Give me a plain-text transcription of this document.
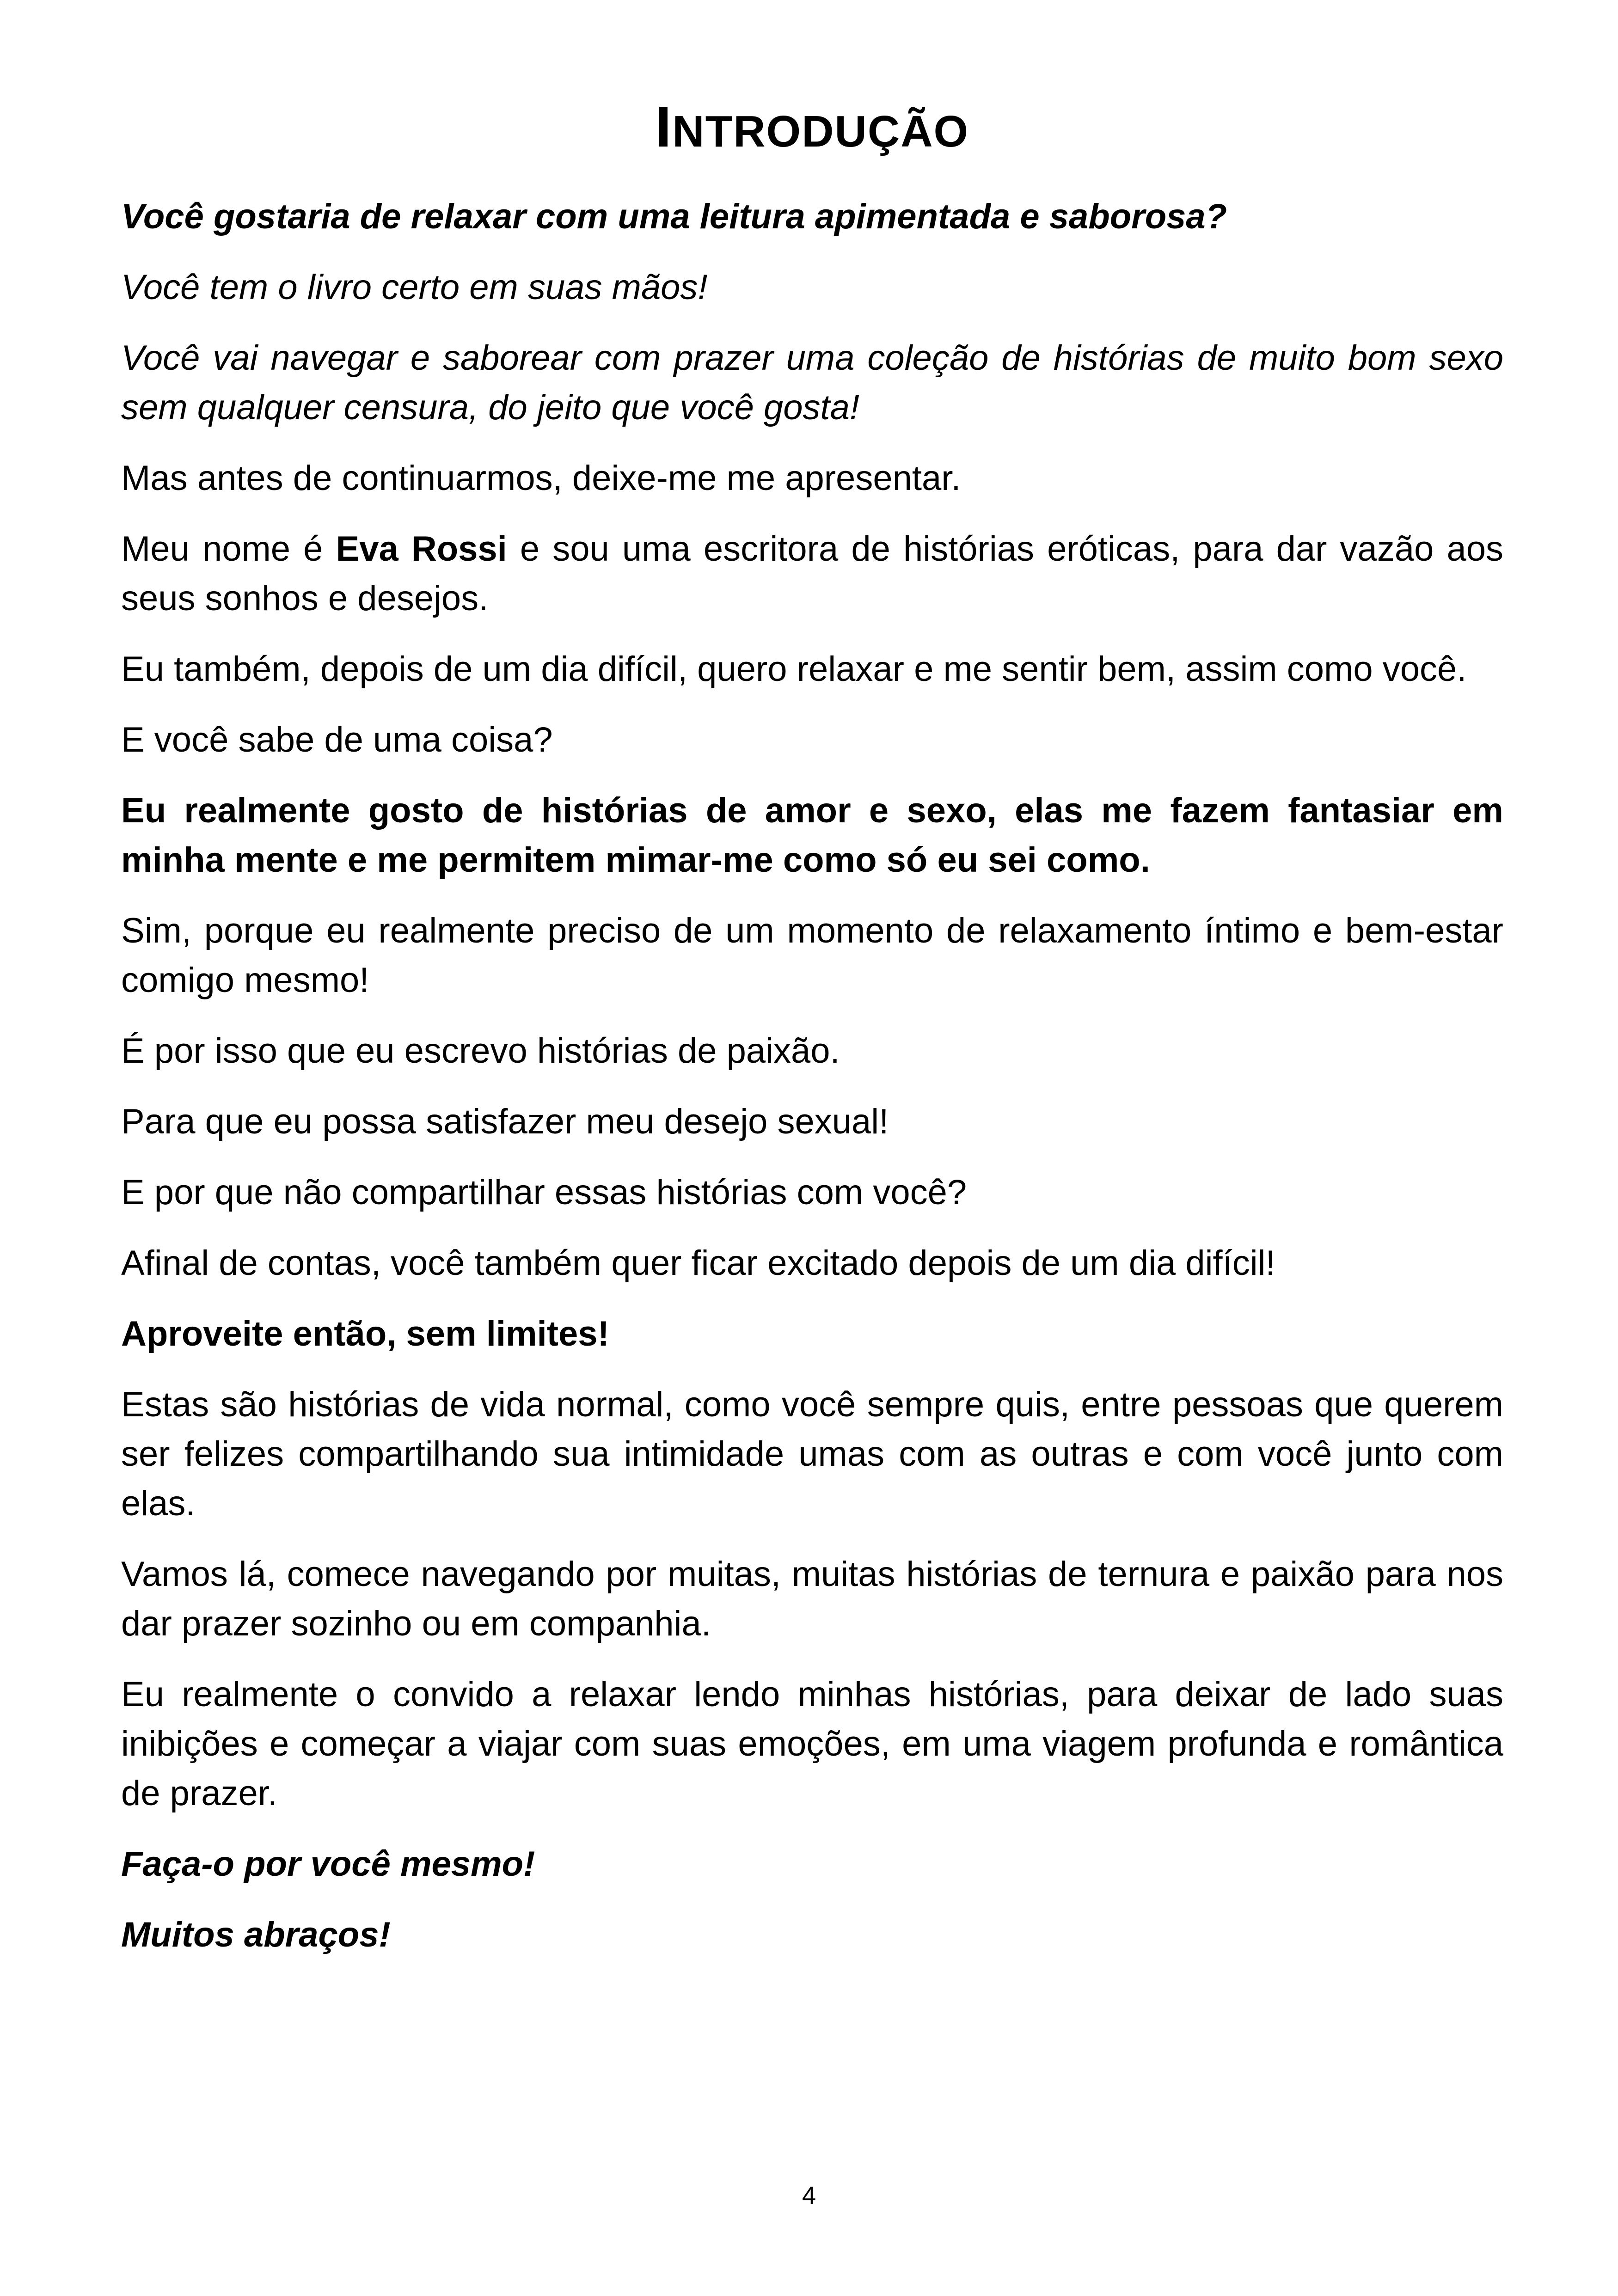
INTRODUÇÃO

Você gostaria de relaxar com uma leitura apimentada e saborosa?

Você tem o livro certo em suas mãos!

Você vai navegar e saborear com prazer uma coleção de histórias de muito bom sexo sem qualquer censura, do jeito que você gosta!

Mas antes de continuarmos, deixe-me me apresentar.

Meu nome é Eva Rossi e sou uma escritora de histórias eróticas, para dar vazão aos seus sonhos e desejos.

Eu também, depois de um dia difícil, quero relaxar e me sentir bem, assim como você.

E você sabe de uma coisa?

Eu realmente gosto de histórias de amor e sexo, elas me fazem fantasiar em minha mente e me permitem mimar-me como só eu sei como.

Sim, porque eu realmente preciso de um momento de relaxamento íntimo e bem-estar comigo mesmo!

É por isso que eu escrevo histórias de paixão.

Para que eu possa satisfazer meu desejo sexual!

E por que não compartilhar essas histórias com você?

Afinal de contas, você também quer ficar excitado depois de um dia difícil!

Aproveite então, sem limites!

Estas são histórias de vida normal, como você sempre quis, entre pessoas que querem ser felizes compartilhando sua intimidade umas com as outras e com você junto com elas.

Vamos lá, comece navegando por muitas, muitas histórias de ternura e paixão para nos dar prazer sozinho ou em companhia.

Eu realmente o convido a relaxar lendo minhas histórias, para deixar de lado suas inibições e começar a viajar com suas emoções, em uma viagem profunda e romântica de prazer.

Faça-o por você mesmo!

Muitos abraços!

4
